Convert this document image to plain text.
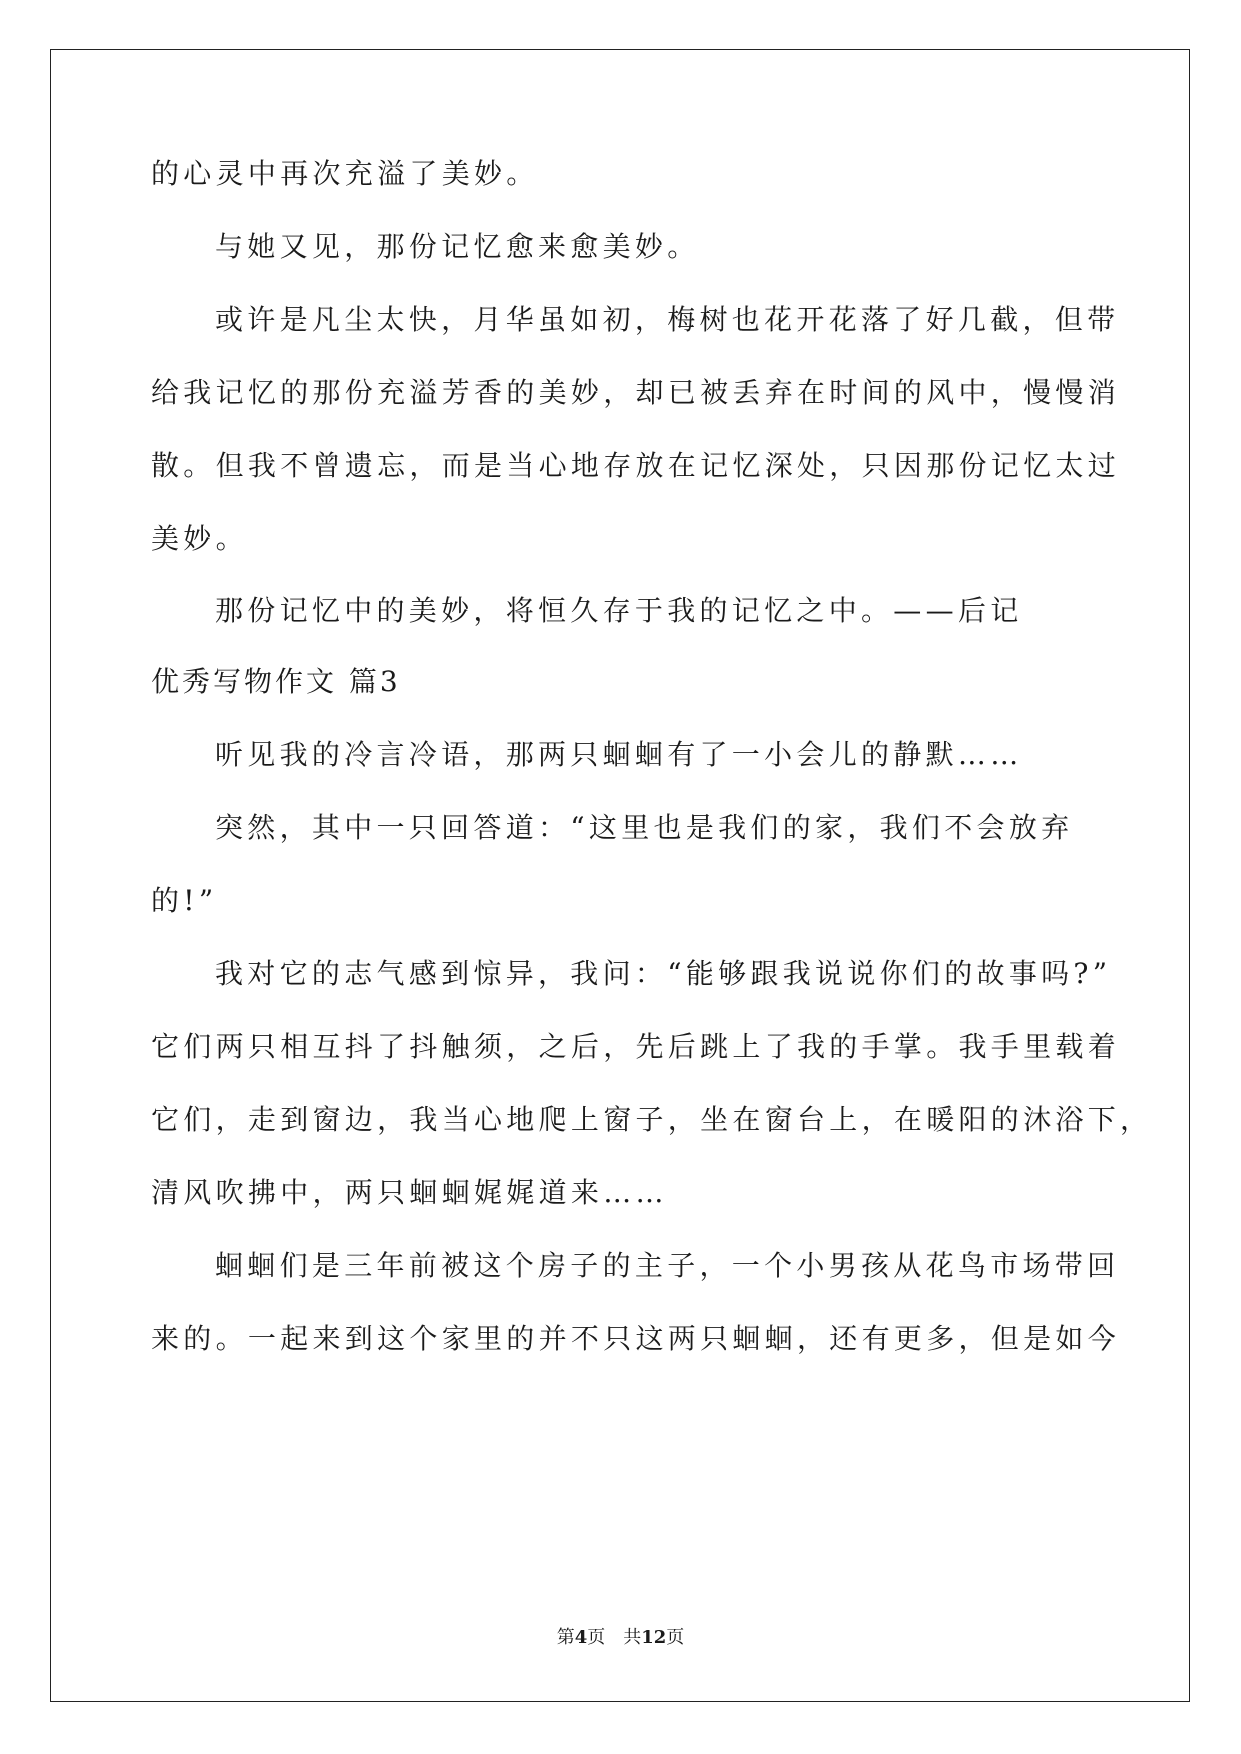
的心灵中再次充溢了美妙。

与她又见，那份记忆愈来愈美妙。

或许是凡尘太快，月华虽如初，梅树也花开花落了好几截，但带

给我记忆的那份充溢芳香的美妙，却已被丢弃在时间的风中，慢慢消

散。但我不曾遗忘，而是当心地存放在记忆深处，只因那份记忆太过

美妙。

那份记忆中的美妙，将恒久存于我的记忆之中。——后记

优秀写物作文 篇3

听见我的冷言冷语，那两只蛔蛔有了一小会儿的静默……

突然，其中一只回答道：“这里也是我们的家，我们不会放弃

的!”

我对它的志气感到惊异，我问：“能够跟我说说你们的故事吗?”

它们两只相互抖了抖触须，之后，先后跳上了我的手掌。我手里载着

它们，走到窗边，我当心地爬上窗子，坐在窗台上，在暖阳的沐浴下，

清风吹拂中，两只蛔蛔娓娓道来……

蛔蛔们是三年前被这个房子的主子，一个小男孩从花鸟市场带回

来的。一起来到这个家里的并不只这两只蛔蛔，还有更多，但是如今

第4页　共12页
